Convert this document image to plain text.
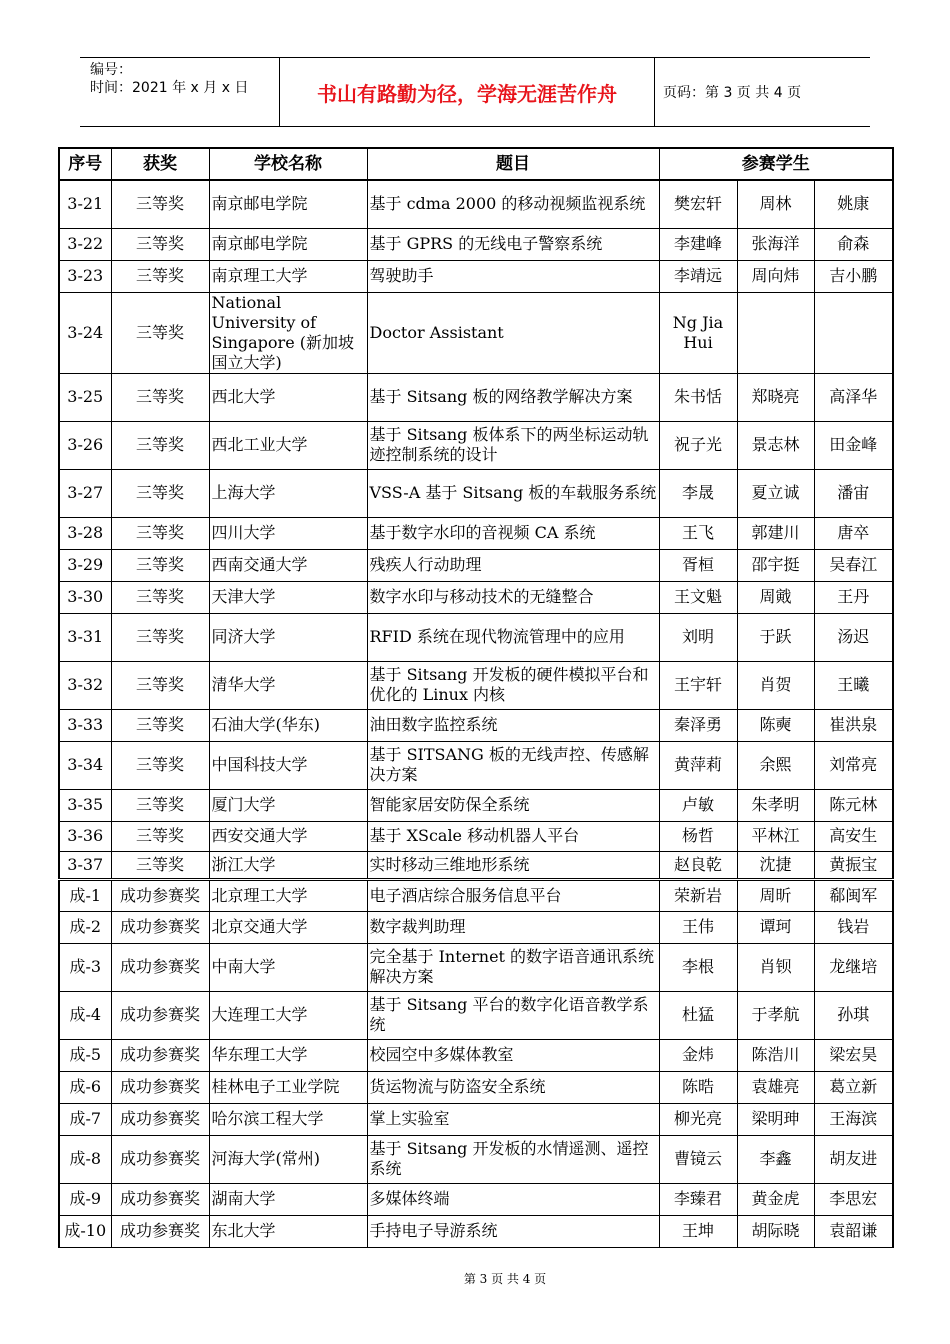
编号：
时间：2021 年 x 月 x 日	书山有路勤为径，学海无涯苦作舟	页码：第 3 页 共 4 页
序号	获奖	学校名称	题目	参赛学生		
3-21	三等奖	南京邮电学院	基于 cdma 2000 的移动视频监视系统	樊宏轩	周林	姚康
3-22	三等奖	南京邮电学院	基于 GPRS 的无线电子警察系统	李建峰	张海洋	俞森
3-23	三等奖	南京理工大学	驾驶助手	李靖远	周向炜	吉小鹏
3-24	三等奖	National University of Singapore (新加坡国立大学)	Doctor Assistant	Ng Jia Hui		
3-25	三等奖	西北大学	基于 Sitsang 板的网络教学解决方案	朱书恬	郑晓亮	高泽华
3-26	三等奖	西北工业大学	基于 Sitsang 板体系下的两坐标运动轨迹控制系统的设计	祝子光	景志林	田金峰
3-27	三等奖	上海大学	VSS-A 基于 Sitsang 板的车载服务系统	李晟	夏立诚	潘宙
3-28	三等奖	四川大学	基于数字水印的音视频 CA 系统	王飞	郭建川	唐卒
3-29	三等奖	西南交通大学	残疾人行动助理	胥桓	邵宇挺	吴春江
3-30	三等奖	天津大学	数字水印与移动技术的无缝整合	王文魁	周戭	王丹
3-31	三等奖	同济大学	RFID 系统在现代物流管理中的应用	刘明	于跃	汤迟
3-32	三等奖	清华大学	基于 Sitsang 开发板的硬件模拟平台和优化的 Linux 内核	王宇轩	肖贺	王曦
3-33	三等奖	石油大学(华东)	油田数字监控系统	秦泽勇	陈奭	崔洪泉
3-34	三等奖	中国科技大学	基于 SITSANG 板的无线声控、传感解决方案	黄萍莉	余熙	刘常亮
3-35	三等奖	厦门大学	智能家居安防保全系统	卢敏	朱孝明	陈元林
3-36	三等奖	西安交通大学	基于 XScale 移动机器人平台	杨哲	平林江	高安生
3-37	三等奖	浙江大学	实时移动三维地形系统	赵良乾	沈捷	黄振宝
成-1	成功参赛奖	北京理工大学	电子酒店综合服务信息平台	荣新岩	周昕	郗闽军
成-2	成功参赛奖	北京交通大学	数字裁判助理	王伟	谭珂	钱岩
成-3	成功参赛奖	中南大学	完全基于 Internet 的数字语音通讯系统解决方案	李根	肖钡	龙继培
成-4	成功参赛奖	大连理工大学	基于 Sitsang 平台的数字化语音教学系统	杜猛	于孝航	孙琪
成-5	成功参赛奖	华东理工大学	校园空中多媒体教室	金炜	陈浩川	梁宏昊
成-6	成功参赛奖	桂林电子工业学院	货运物流与防盗安全系统	陈晧	袁雄亮	葛立新
成-7	成功参赛奖	哈尔滨工程大学	掌上实验室	柳光亮	梁明珅	王海滨
成-8	成功参赛奖	河海大学(常州)	基于 Sitsang 开发板的水情遥测、遥控系统	曹镜云	李鑫	胡友进
成-9	成功参赛奖	湖南大学	多媒体终端	李臻君	黄金虎	李思宏
成-10	成功参赛奖	东北大学	手持电子导游系统	王坤	胡际晓	袁韶谦
第 3 页 共 4 页
